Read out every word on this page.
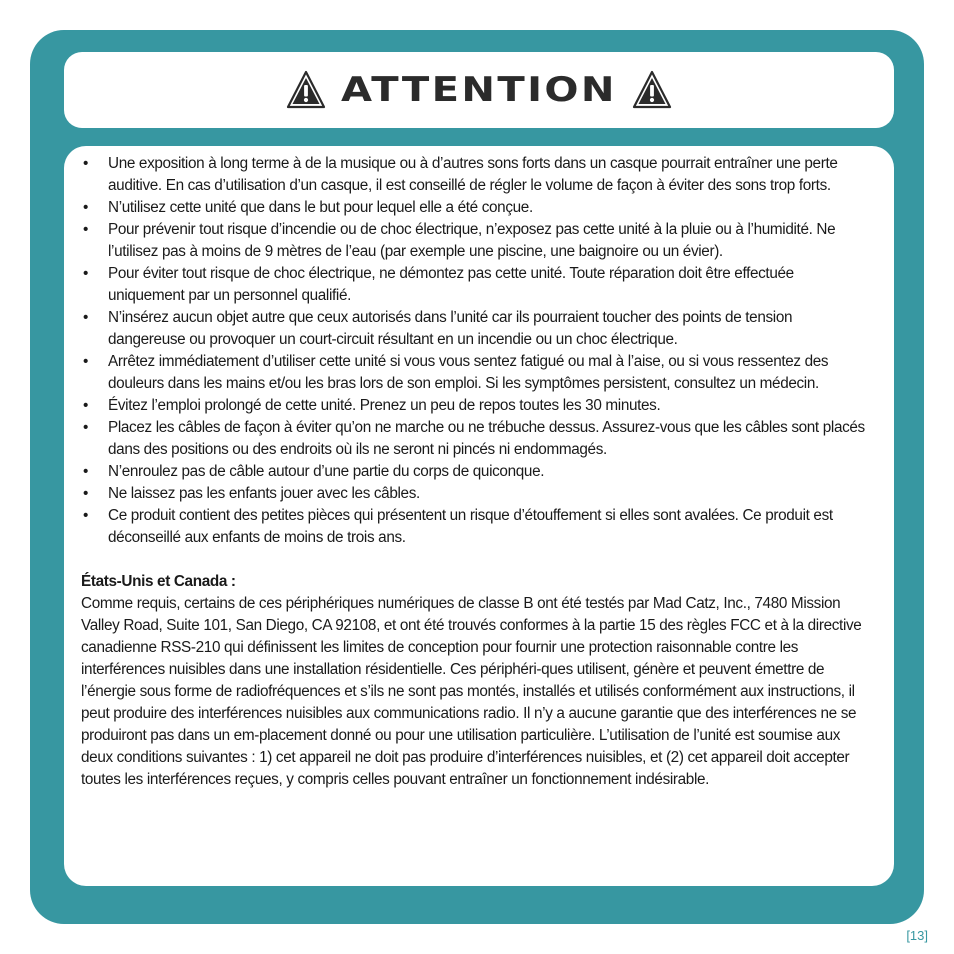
ATTENTION
• Une exposition à long terme à de la musique ou à d’autres sons forts dans un casque pourrait entraîner une perte auditive. En cas d’utilisation d’un casque, il est conseillé de régler le volume de façon à éviter des sons trop forts.
• N’utilisez cette unité que dans le but pour lequel elle a été conçue.
• Pour prévenir tout risque d’incendie ou de choc électrique, n’exposez pas cette unité à la pluie ou à l’humidité. Ne l’utilisez pas à moins de 9 mètres de l’eau (par exemple une piscine, une baignoire ou un évier).
• Pour éviter tout risque de choc électrique, ne démontez pas cette unité. Toute réparation doit être effectuée uniquement par un personnel qualifié.
• N’insérez aucun objet autre que ceux autorisés dans l’unité car ils pourraient toucher des points de tension dangereuse ou provoquer un court-circuit résultant en un incendie ou un choc électrique.
• Arrêtez immédiatement d’utiliser cette unité si vous vous sentez fatigué ou mal à l’aise, ou si vous ressentez des douleurs dans les mains et/ou les bras lors de son emploi. Si les symptômes persistent, consultez un médecin.
• Évitez l’emploi prolongé de cette unité. Prenez un peu de repos toutes les 30 minutes.
• Placez les câbles de façon à éviter qu’on ne marche ou ne trébuche dessus. Assurez-vous que les câbles sont placés dans des positions ou des endroits où ils ne seront ni pincés ni endommagés.
• N’enroulez pas de câble autour d’une partie du corps de quiconque.
• Ne laissez pas les enfants jouer avec les câbles.
• Ce produit contient des petites pièces qui présentent un risque d’étouffement si elles sont avalées. Ce produit est déconseillé aux enfants de moins de trois ans.
États-Unis et Canada :
Comme requis, certains de ces périphériques numériques de classe B ont été testés par Mad Catz, Inc., 7480 Mission Valley Road, Suite 101, San Diego, CA 92108, et ont été trouvés conformes à la partie 15 des règles FCC et à la directive canadienne RSS-210 qui définissent les limites de conception pour fournir une protection raisonnable contre les interférences nuisibles dans une installation résidentielle. Ces périphéri-ques utilisent, génère et peuvent émettre de l’énergie sous forme de radiofréquences et s’ils ne sont pas montés, installés et utilisés conformément aux instructions, il peut produire des interférences nuisibles aux communications radio. Il n’y a aucune garantie que des interférences ne se produiront pas dans un em-placement donné ou pour une utilisation particulière. L’utilisation de l’unité est soumise aux deux conditions suivantes : 1) cet appareil ne doit pas produire d’interférences nuisibles, et (2) cet appareil doit accepter toutes les interférences reçues, y compris celles pouvant entraîner un fonctionnement indésirable.
[13]
